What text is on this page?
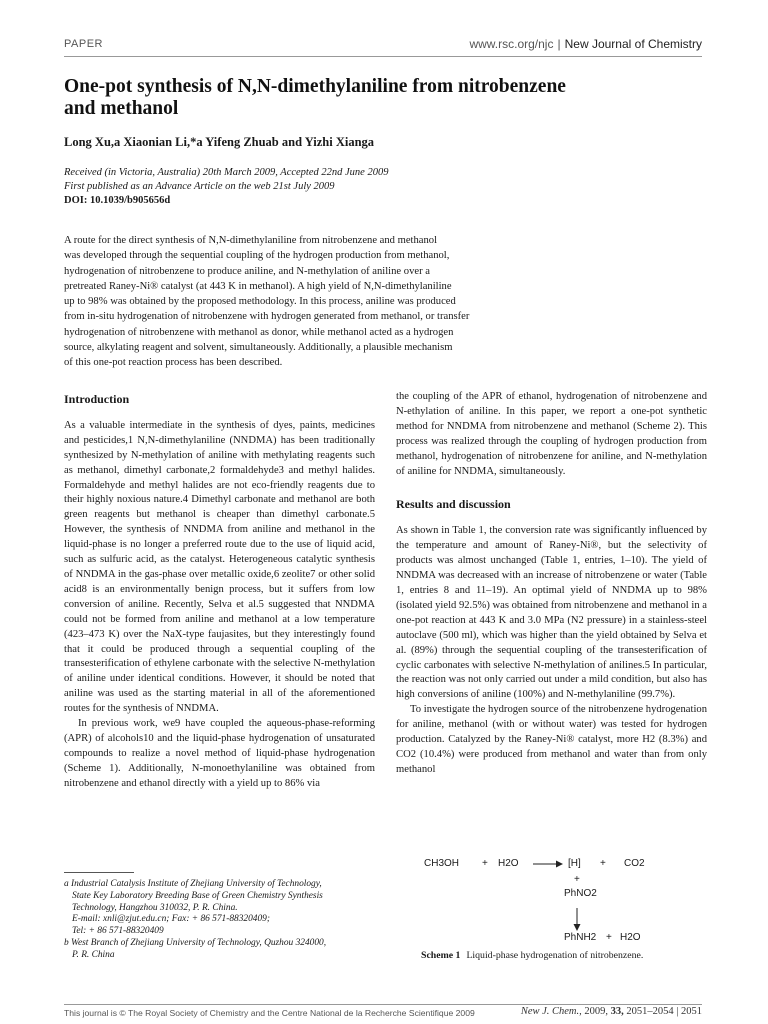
PAPER	www.rsc.org/njc | New Journal of Chemistry
One-pot synthesis of N,N-dimethylaniline from nitrobenzene
and methanol
Long Xu,a Xiaonian Li,*a Yifeng Zhuab and Yizhi Xianga
Received (in Victoria, Australia) 20th March 2009, Accepted 22nd June 2009
First published as an Advance Article on the web 21st July 2009
DOI: 10.1039/b905656d
A route for the direct synthesis of N,N-dimethylaniline from nitrobenzene and methanol
was developed through the sequential coupling of the hydrogen production from methanol,
hydrogenation of nitrobenzene to produce aniline, and N-methylation of aniline over a
pretreated Raney-Ni® catalyst (at 443 K in methanol). A high yield of N,N-dimethylaniline
up to 98% was obtained by the proposed methodology. In this process, aniline was produced
from in-situ hydrogenation of nitrobenzene with hydrogen generated from methanol, or transfer
hydrogenation of nitrobenzene with methanol as donor, while methanol acted as a hydrogen
source, alkylating reagent and solvent, simultaneously. Additionally, a plausible mechanism
of this one-pot reaction process has been described.
Introduction

As a valuable intermediate in the synthesis of dyes, paints, medicines and pesticides,1 N,N-dimethylaniline (NNDMA) has been traditionally synthesized by N-methylation of aniline with methylating reagents such as methanol, dimethyl carbonate,2 formaldehyde3 and methyl halides. Formaldehyde and methyl halides are not eco-friendly reagents due to their highly noxious nature.4 Dimethyl carbonate and methanol are both green reagents but methanol is cheaper than dimethyl carbonate.5 However, the synthesis of NNDMA from aniline and methanol in the liquid-phase is no longer a preferred route due to the use of liquid acid, such as sulfuric acid, as the catalyst. Heterogeneous catalytic synthesis of NNDMA in the gas-phase over metallic oxide,6 zeolite7 or other solid acid8 is an environmentally benign process, but it suffers from low conversion of aniline. Recently, Selva et al.5 suggested that NNDMA could not be formed from aniline and methanol at a low temperature (423–473 K) over the NaX-type faujasites, but they interestingly found that it could be produced through a sequential coupling of the transesterification of ethylene carbonate with the selective N-methylation of aniline under identical conditions. However, it should be noted that aniline was used as the starting material in all of the aforementioned routes for the synthesis of NNDMA.

In previous work, we9 have coupled the aqueous-phase-reforming (APR) of alcohols10 and the liquid-phase hydrogenation of unsaturated compounds to realize a novel method of liquid-phase hydrogenation (Scheme 1). Additionally, N-monoethylaniline was obtained from nitrobenzene and ethanol directly with a yield up to 86% via

the coupling of the APR of ethanol, hydrogenation of nitrobenzene and N-ethylation of aniline. In this paper, we report a one-pot synthetic method for NNDMA from nitrobenzene and methanol (Scheme 2). This process was realized through the coupling of hydrogen production from methanol, hydrogenation of nitrobenzene for aniline, and N-methylation of aniline for NNDMA, simultaneously.

Results and discussion

As shown in Table 1, the conversion rate was significantly influenced by the temperature and amount of Raney-Ni®, but the selectivity of products was almost unchanged (Table 1, entries, 1–10). The yield of NNDMA was decreased with an increase of nitrobenzene or water (Table 1, entries 8 and 11–19). An optimal yield of NNDMA up to 98% (isolated yield 92.5%) was obtained from nitrobenzene and methanol in a one-pot reaction at 443 K and 3.0 MPa (N2 pressure) in a stainless-steel autoclave (500 ml), which was higher than the yield obtained by Selva et al. (89%) through the sequential coupling of the transesterification of cyclic carbonates with selective N-methylation of anilines.5 In particular, the reaction was not only carried out under a mild condition, but also has high conversions of aniline (100%) and N-methylaniline (99.7%).

To investigate the hydrogen source of the nitrobenzene hydrogenation for aniline, methanol (with or without water) was tested for hydrogen production. Catalyzed by the Raney-Ni® catalyst, more H2 (8.3%) and CO2 (10.4%) were produced from methanol and water than from only methanol

a Industrial Catalysis Institute of Zhejiang University of Technology,
State Key Laboratory Breeding Base of Green Chemistry Synthesis
Technology, Hangzhou 310032, P. R. China.
E-mail: xnli@zjut.edu.cn; Fax: + 86 571-88320409;
Tel: + 86 571-88320409
b West Branch of Zhejiang University of Technology, Quzhou 324000,
P. R. China
CH3OH + H2O	[H] + CO2
+
PhNO2
PhNH2 + H2O
Scheme 1 Liquid-phase hydrogenation of nitrobenzene.
This journal is © The Royal Society of Chemistry and the Centre National de la Recherche Scientifique 2009	New J. Chem., 2009, 33, 2051–2054 | 2051
